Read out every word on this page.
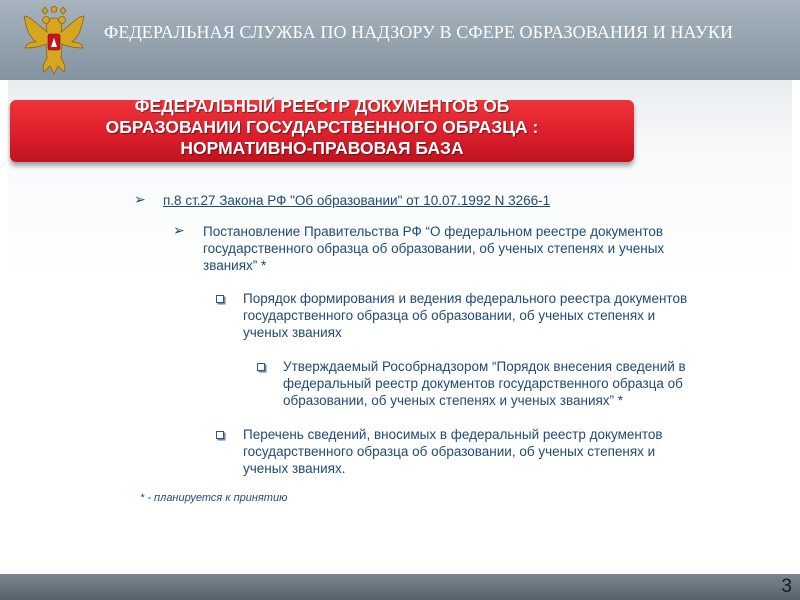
ФЕДЕРАЛЬНАЯ СЛУЖБА ПО НАДЗОРУ В СФЕРЕ ОБРАЗОВАНИЯ И НАУКИ
ФЕДЕРАЛЬНЫЙ РЕЕСТР ДОКУМЕНТОВ ОБ
ОБРАЗОВАНИИ ГОСУДАРСТВЕННОГО ОБРАЗЦА :
НОРМАТИВНО-ПРАВОВАЯ БАЗА
➢ п.8 ст.27 Закона РФ "Об образовании" от 10.07.1992 N 3266-1
➢ Постановление Правительства РФ “О федеральном реестре документов
государственного образца об образовании, об ученых степенях и ученых
званиях” *
Порядок формирования и ведения федерального реестра документов
государственного образца об образовании, об ученых степенях и
ученых званиях
Утверждаемый Рособрнадзором “Порядок внесения сведений в
федеральный реестр документов государственного образца об
образовании, об ученых степенях и ученых званиях” *
Перечень сведений, вносимых в федеральный реестр документов
государственного образца об образовании, об ученых степенях и
ученых званиях.
* - планируется к принятию
3
